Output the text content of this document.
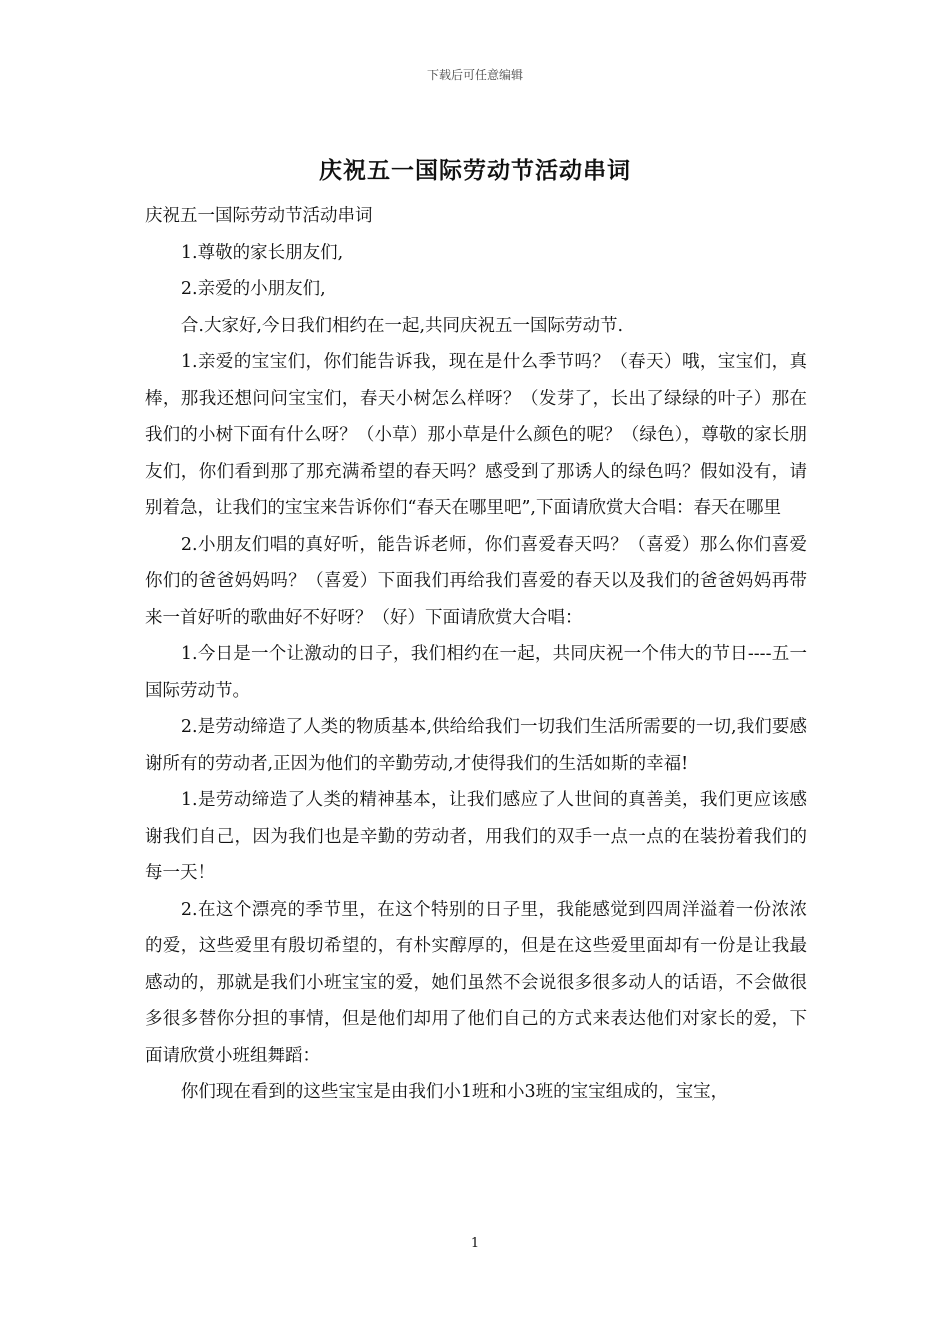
下载后可任意编辑
庆祝五一国际劳动节活动串词

庆祝五一国际劳动节活动串词

1.尊敬的家长朋友们,

2.亲爱的小朋友们,

合.大家好,今日我们相约在一起,共同庆祝五一国际劳动节.

1.亲爱的宝宝们，你们能告诉我，现在是什么季节吗？（春天）哦，宝宝们，真棒，那我还想问问宝宝们，春天小树怎么样呀？（发芽了，长出了绿绿的叶子）那在我们的小树下面有什么呀？（小草）那小草是什么颜色的呢？（绿色），尊敬的家长朋友们，你们看到那了那充满希望的春天吗？感受到了那诱人的绿色吗？假如没有，请别着急，让我们的宝宝来告诉你们“春天在哪里吧”,下面请欣赏大合唱：春天在哪里

2.小朋友们唱的真好听，能告诉老师，你们喜爱春天吗？（喜爱）那么你们喜爱你们的爸爸妈妈吗？（喜爱）下面我们再给我们喜爱的春天以及我们的爸爸妈妈再带来一首好听的歌曲好不好呀？（好）下面请欣赏大合唱：

1.今日是一个让激动的日子，我们相约在一起，共同庆祝一个伟大的节日----五一国际劳动节。

2.是劳动缔造了人类的物质基本,供给给我们一切我们生活所需要的一切,我们要感谢所有的劳动者,正因为他们的辛勤劳动,才使得我们的生活如斯的幸福!

1.是劳动缔造了人类的精神基本，让我们感应了人世间的真善美，我们更应该感谢我们自己，因为我们也是辛勤的劳动者，用我们的双手一点一点的在装扮着我们的每一天！

2.在这个漂亮的季节里，在这个特别的日子里，我能感觉到四周洋溢着一份浓浓的爱，这些爱里有殷切希望的，有朴实醇厚的，但是在这些爱里面却有一份是让我最感动的，那就是我们小班宝宝的爱，她们虽然不会说很多很多动人的话语，不会做很多很多替你分担的事情，但是他们却用了他们自己的方式来表达他们对家长的爱，下面请欣赏小班组舞蹈：

你们现在看到的这些宝宝是由我们小1班和小3班的宝宝组成的，宝宝，

1
